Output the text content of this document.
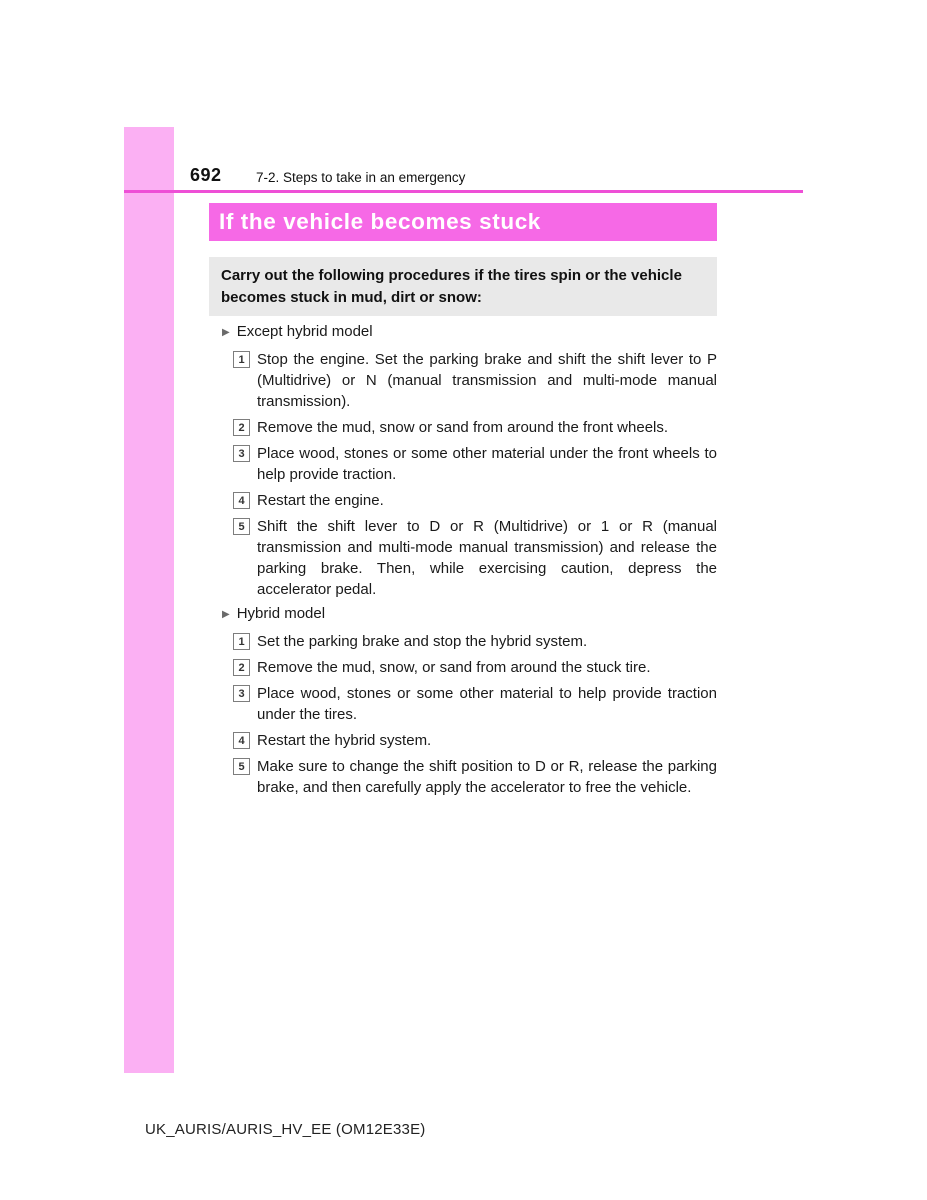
692	7-2. Steps to take in an emergency
If the vehicle becomes stuck

Carry out the following procedures if the tires spin or the vehicle becomes stuck in mud, dirt or snow:

▶ Except hybrid model
1 Stop the engine. Set the parking brake and shift the shift lever to P (Multidrive) or N (manual transmission and multi-mode manual transmission).
2 Remove the mud, snow or sand from around the front wheels.
3 Place wood, stones or some other material under the front wheels to help provide traction.
4 Restart the engine.
5 Shift the shift lever to D or R (Multidrive) or 1 or R (manual transmission and multi-mode manual transmission) and release the parking brake. Then, while exercising caution, depress the accelerator pedal.
▶ Hybrid model
1 Set the parking brake and stop the hybrid system.
2 Remove the mud, snow, or sand from around the stuck tire.
3 Place wood, stones or some other material to help provide traction under the tires.
4 Restart the hybrid system.
5 Make sure to change the shift position to D or R, release the parking brake, and then carefully apply the accelerator to free the vehicle.
UK_AURIS/AURIS_HV_EE (OM12E33E)
